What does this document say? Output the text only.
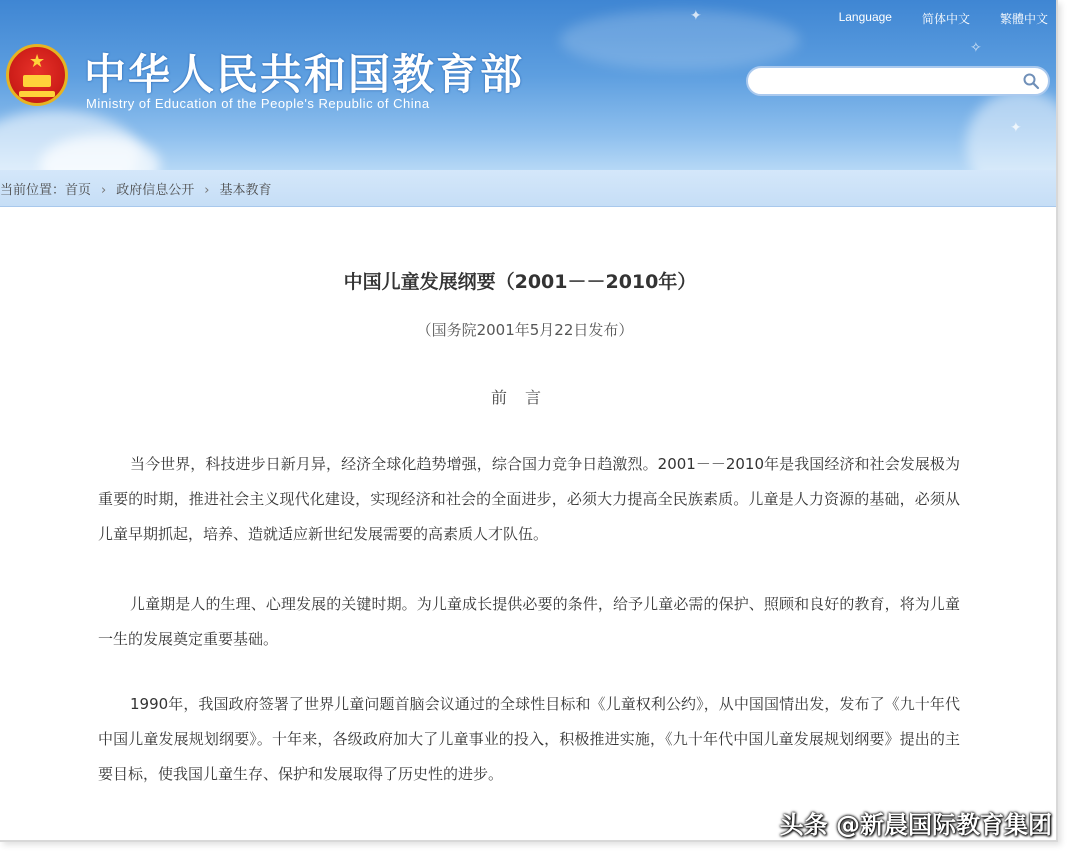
✦
✧
✦
★ 中华人民共和国教育部
Ministry of Education of the People's Republic of China
Language	简体中文	繁體中文
当前位置：首页 › 政府信息公开 › 基本教育
中国儿童发展纲要（2001－－2010年）
（国务院2001年5月22日发布）
前言

当今世界，科技进步日新月异，经济全球化趋势增强，综合国力竞争日趋激烈。2001－－2010年是我国经济和社会发展极为重要的时期，推进社会主义现代化建设，实现经济和社会的全面进步，必须大力提高全民族素质。儿童是人力资源的基础，必须从儿童早期抓起，培养、造就适应新世纪发展需要的高素质人才队伍。

儿童期是人的生理、心理发展的关键时期。为儿童成长提供必要的条件，给予儿童必需的保护、照顾和良好的教育，将为儿童一生的发展奠定重要基础。

1990年，我国政府签署了世界儿童问题首脑会议通过的全球性目标和《儿童权利公约》，从中国国情出发，发布了《九十年代中国儿童发展规划纲要》。十年来，各级政府加大了儿童事业的投入，积极推进实施，《九十年代中国儿童发展规划纲要》提出的主要目标，使我国儿童生存、保护和发展取得了历史性的进步。

头条 @新晨国际教育集团
